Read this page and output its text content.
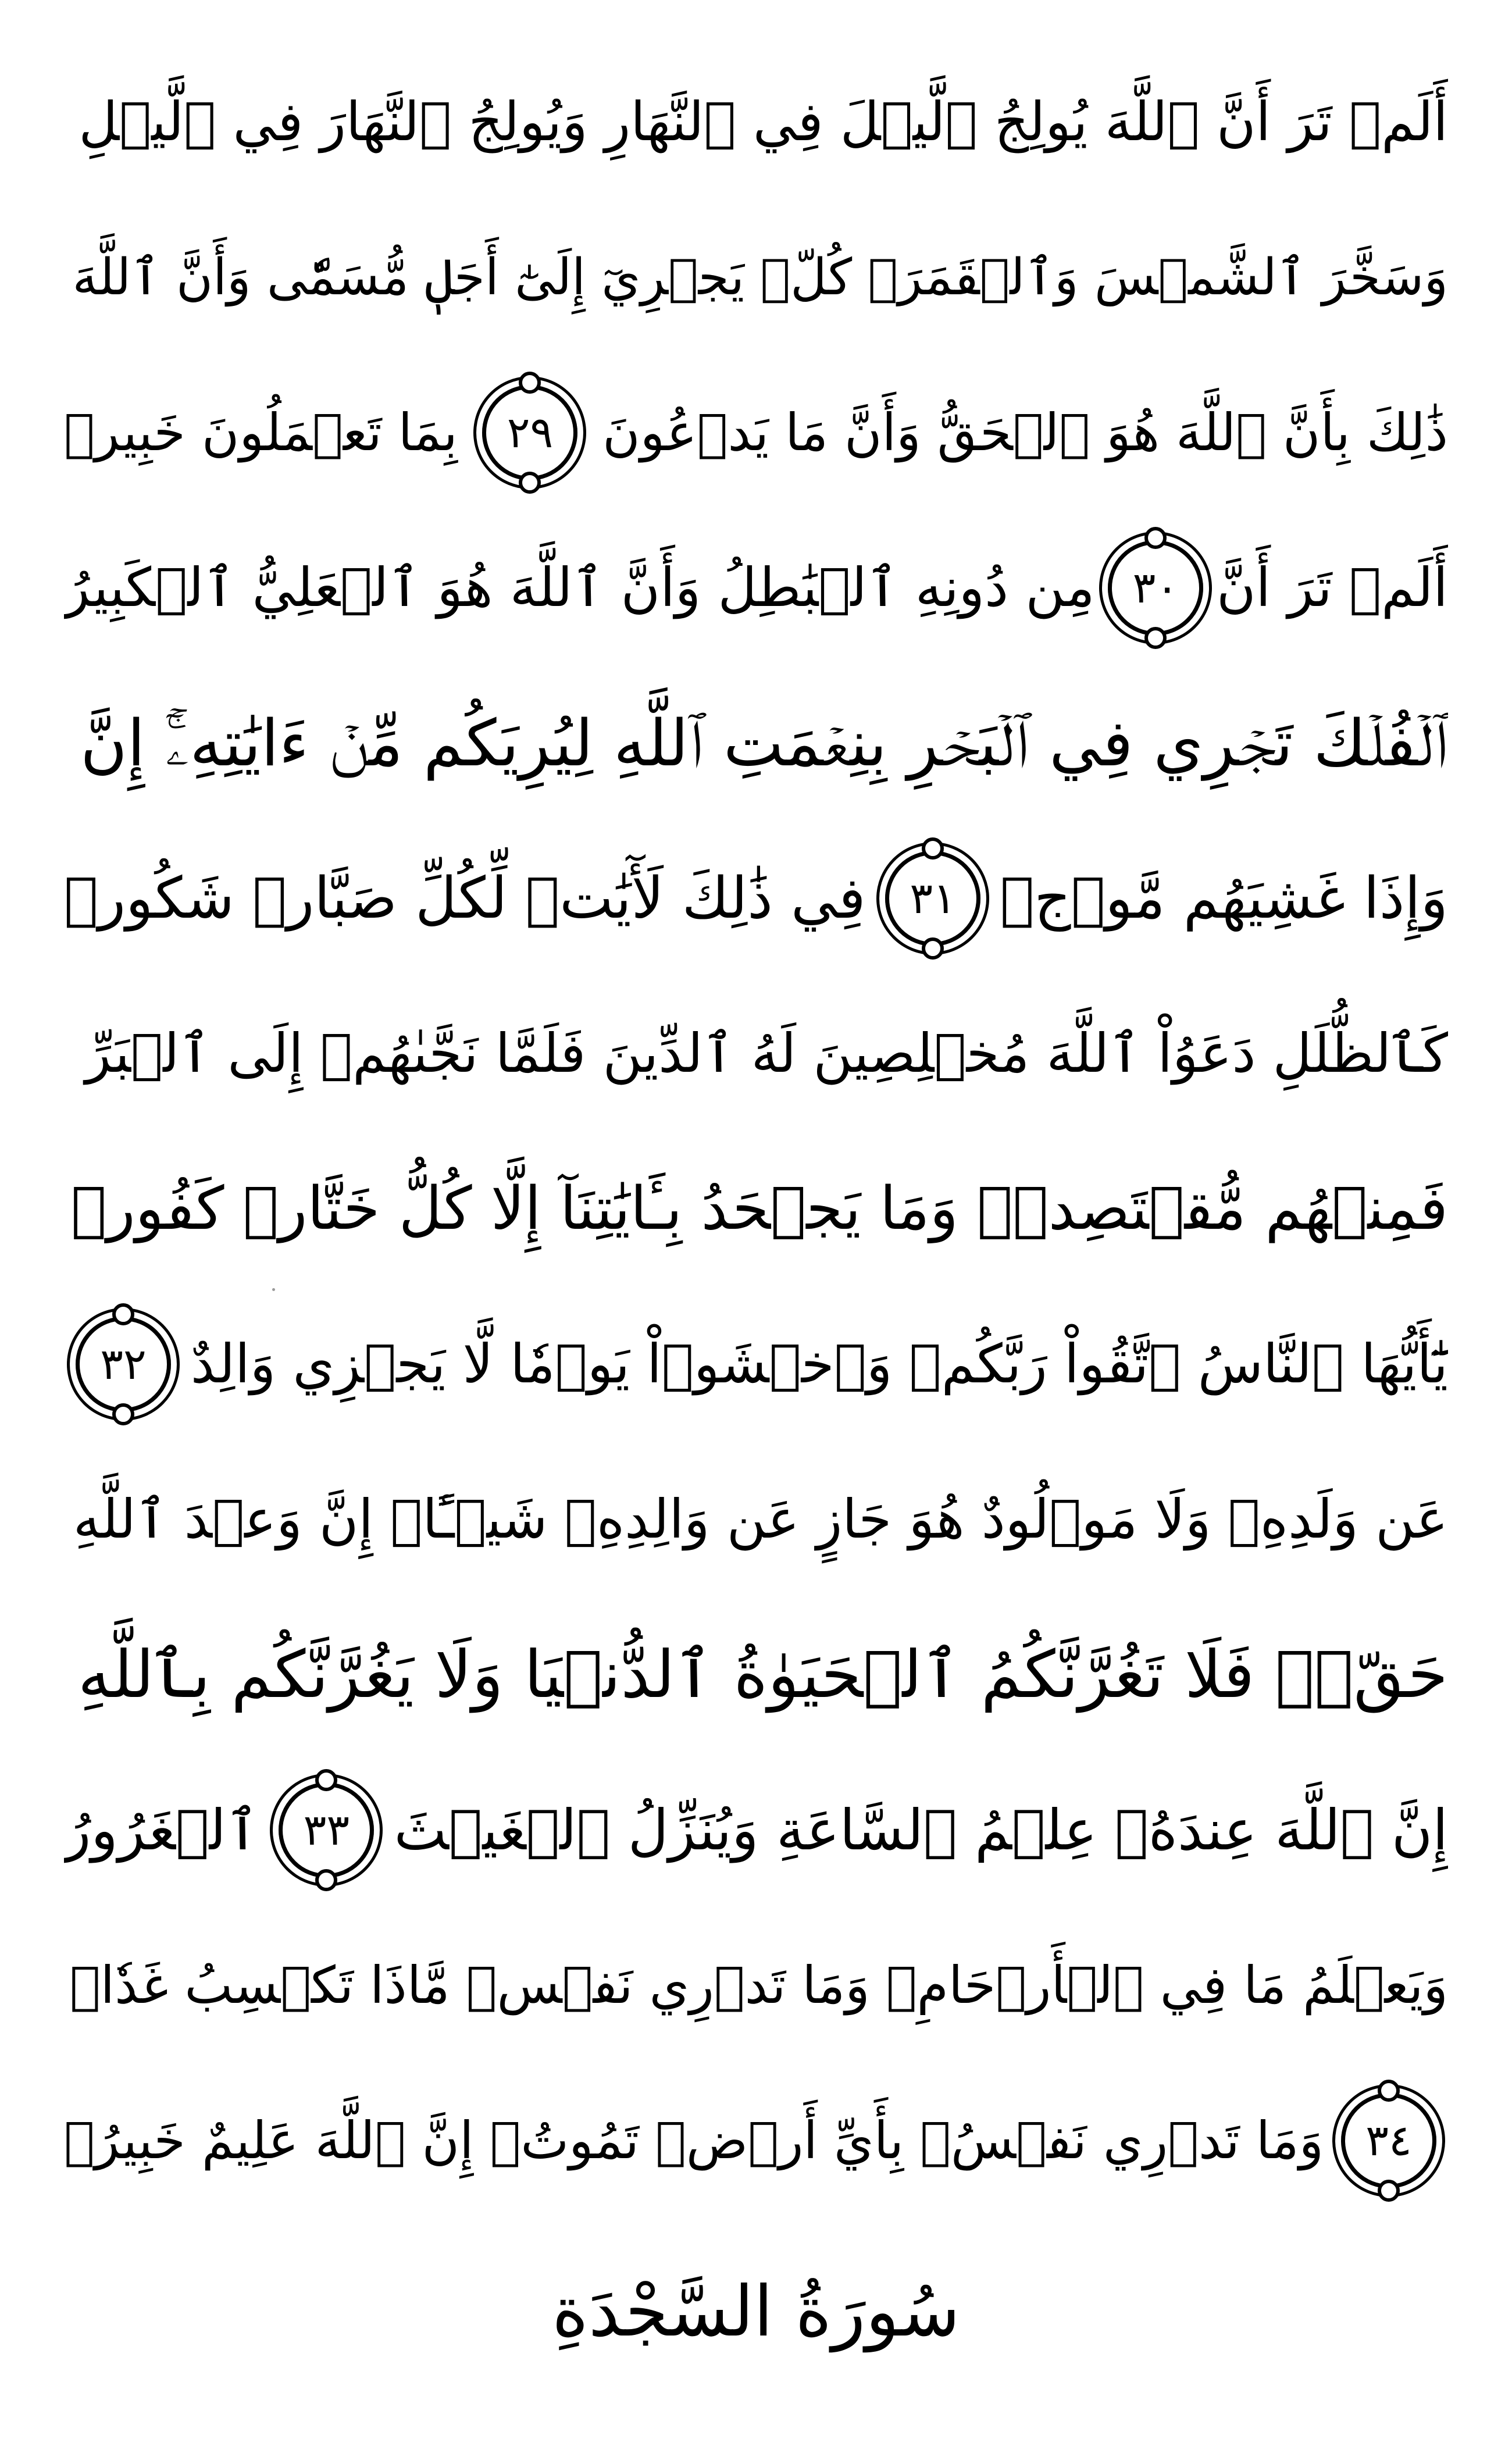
أَلَمۡ تَرَ أَنَّ ٱللَّهَ يُولِجُ ٱلَّيۡلَ فِي ٱلنَّهَارِ وَيُولِجُ ٱلنَّهَارَ فِي ٱلَّيۡلِ
وَسَخَّرَ ٱلشَّمۡسَ وَٱلۡقَمَرَۖ كُلّٞ يَجۡرِيٓ إِلَىٰٓ أَجَلٖ مُّسَمّٗى وَأَنَّ ٱللَّهَ
ذَٰلِكَ بِأَنَّ ٱللَّهَ هُوَ ٱلۡحَقُّ وَأَنَّ مَا يَدۡعُونَ
٢٩
بِمَا تَعۡمَلُونَ خَبِيرٞ
أَلَمۡ تَرَ أَنَّ
٣٠
مِن دُونِهِ ٱلۡبَٰطِلُ وَأَنَّ ٱللَّهَ هُوَ ٱلۡعَلِيُّ ٱلۡكَبِيرُ
ٱلۡفُلۡكَ تَجۡرِي فِي ٱلۡبَحۡرِ بِنِعۡمَتِ ٱللَّهِ لِيُرِيَكُم مِّنۡ ءَايَٰتِهِۦٓۚ إِنَّ
وَإِذَا غَشِيَهُم مَّوۡجٞ
٣١
فِي ذَٰلِكَ لَأٓيَٰتٖ لِّكُلِّ صَبَّارٖ شَكُورٖ
كَٱلظُّلَلِ دَعَوُاْ ٱللَّهَ مُخۡلِصِينَ لَهُ ٱلدِّينَ فَلَمَّا نَجَّىٰهُمۡ إِلَى ٱلۡبَرِّ
فَمِنۡهُم مُّقۡتَصِدٞۚ وَمَا يَجۡحَدُ بِـَٔايَٰتِنَآ إِلَّا كُلُّ خَتَّارٖ كَفُورٖ
يَٰٓأَيُّهَا ٱلنَّاسُ ٱتَّقُواْ رَبَّكُمۡ وَٱخۡشَوۡاْ يَوۡمٗا لَّا يَجۡزِي وَالِدٌ
٣٢
عَن وَلَدِهِۦ وَلَا مَوۡلُودٌ هُوَ جَازٍ عَن وَالِدِهِۦ شَيۡـًٔاۚ إِنَّ وَعۡدَ ٱللَّهِ
حَقّٞۖ فَلَا تَغُرَّنَّكُمُ ٱلۡحَيَوٰةُ ٱلدُّنۡيَا وَلَا يَغُرَّنَّكُم بِٱللَّهِ
إِنَّ ٱللَّهَ عِندَهُۥ عِلۡمُ ٱلسَّاعَةِ وَيُنَزِّلُ ٱلۡغَيۡثَ
٣٣
ٱلۡغَرُورُ
وَيَعۡلَمُ مَا فِي ٱلۡأَرۡحَامِۖ وَمَا تَدۡرِي نَفۡسٞ مَّاذَا تَكۡسِبُ غَدٗاۖ
٣٤
وَمَا تَدۡرِي نَفۡسُۢ بِأَيِّ أَرۡضٖ تَمُوتُۚ إِنَّ ٱللَّهَ عَلِيمٌ خَبِيرُۢ
سُورَةُ السَّجْدَةِ
